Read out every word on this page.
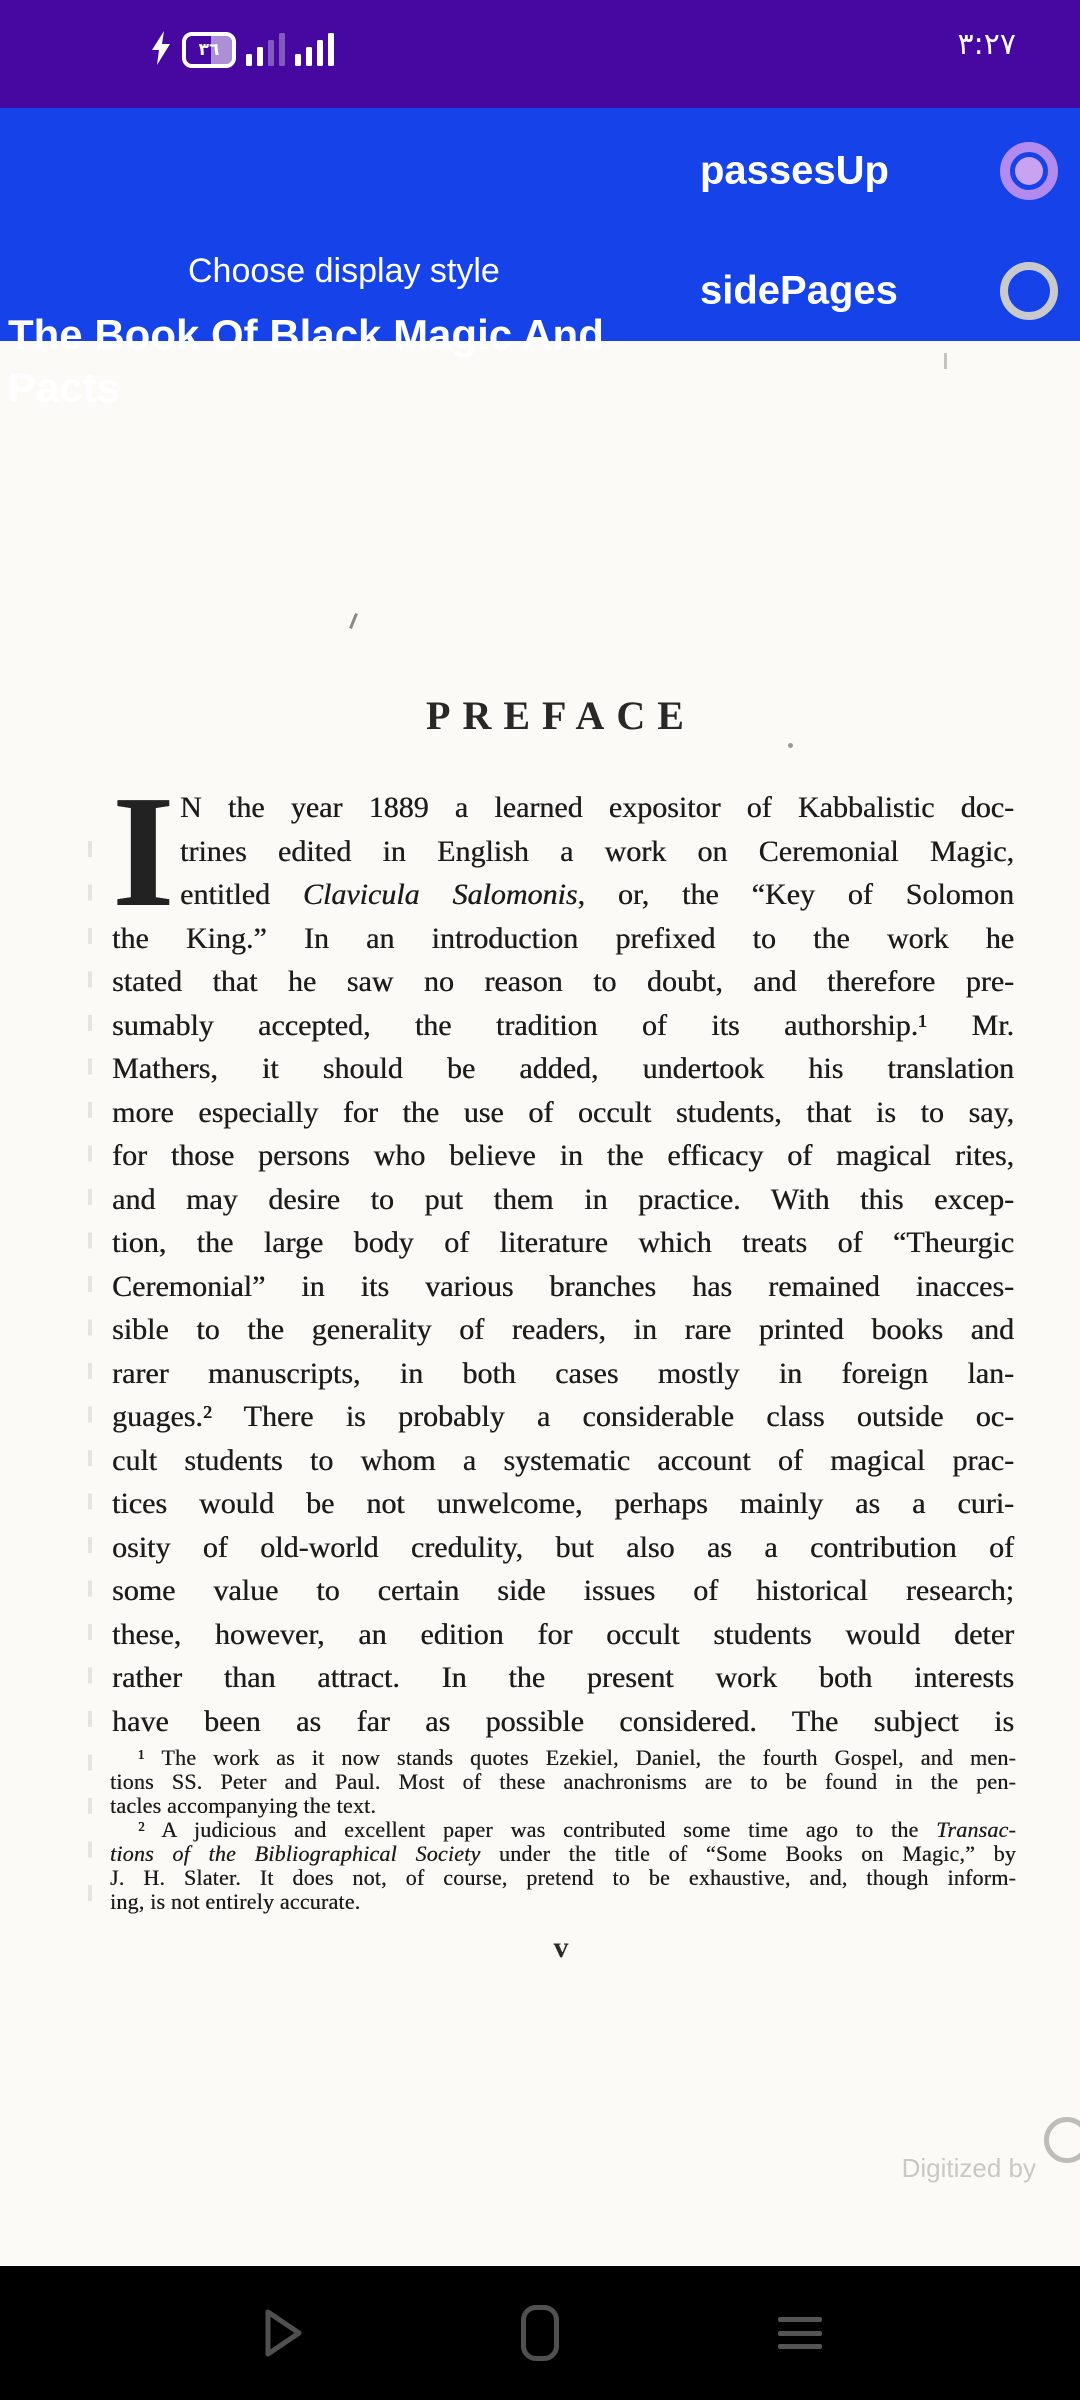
٣٦	٣:٢٧
Choose display style
The Book Of Black Magic And
Pacts
passesUp
sidePages
PREFACE
I N the year 1889 a learned expositor of Kabbalistic doc-
trines edited in English a work on Ceremonial Magic,
entitled Clavicula Salomonis, or, the “Key of Solomon
the King.” In an introduction prefixed to the work he
stated that he saw no reason to doubt, and therefore pre-
sumably accepted, the tradition of its authorship.¹ Mr.
Mathers, it should be added, undertook his translation
more especially for the use of occult students, that is to say,
for those persons who believe in the efficacy of magical rites,
and may desire to put them in practice. With this excep-
tion, the large body of literature which treats of “Theurgic
Ceremonial” in its various branches has remained inacces-
sible to the generality of readers, in rare printed books and
rarer manuscripts, in both cases mostly in foreign lan-
guages.² There is probably a considerable class outside oc-
cult students to whom a systematic account of magical prac-
tices would be not unwelcome, perhaps mainly as a curi-
osity of old-world credulity, but also as a contribution of
some value to certain side issues of historical research;
these, however, an edition for occult students would deter
rather than attract. In the present work both interests
have been as far as possible considered. The subject is
¹ The work as it now stands quotes Ezekiel, Daniel, the fourth Gospel, and men-
tions SS. Peter and Paul. Most of these anachronisms are to be found in the pen-
tacles accompanying the text.
² A judicious and excellent paper was contributed some time ago to the Transac-
tions of the Bibliographical Society under the title of “Some Books on Magic,” by
J. H. Slater. It does not, of course, pretend to be exhaustive, and, though inform-
ing, is not entirely accurate.
v
Digitized by
